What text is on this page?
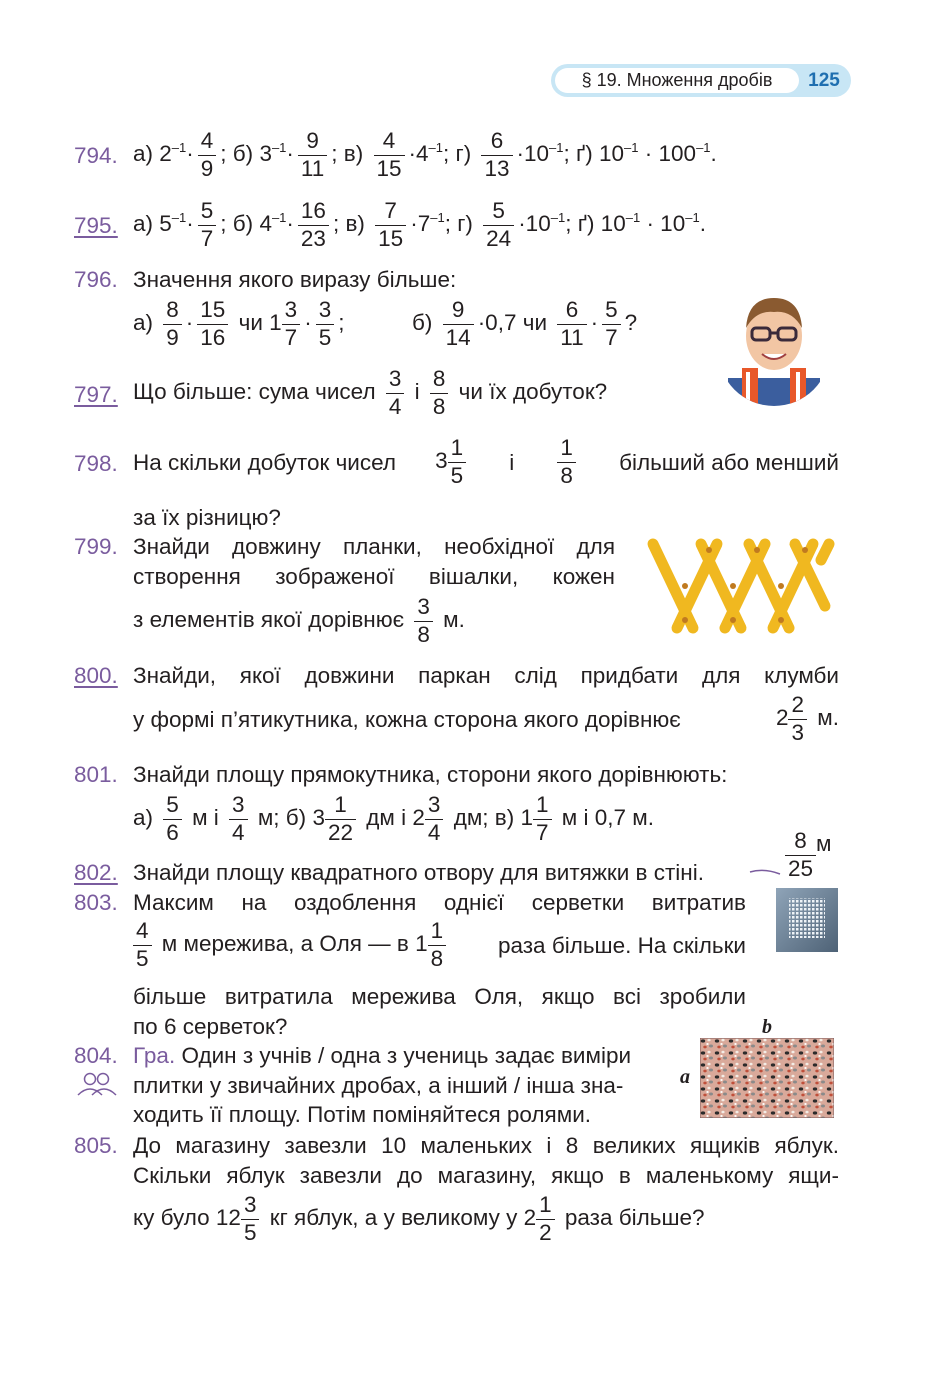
§ 19. Множення дробів	125
794. а) $2^{-1}\cdot \frac{4}{9}$ ; б) $3^{-1}\cdot \frac{9}{11}$ ; $в) \frac{4}{15} \cdot 4^{-1}$; $г) \frac{6}{13} \cdot 10^{-1}$; ґ) $10^{-1} \cdot 100^{-1}$.
795. а) $5^{-1}\cdot \frac{5}{7}$ ; б) $4^{-1}\cdot \frac{16}{23}$ ; $в) \frac{7}{15} \cdot 7^{-1}$; $г) \frac{5}{24} \cdot 10^{-1}$; ґ) $10^{-1} \cdot 10^{-1}$.
796. Значення якого виразу більше:
$а) \frac{8}{9} \cdot \frac{15}{16}$ чи $1 \frac{3}{7} \cdot \frac{3}{5}$ ;	$б) \frac{9}{14} \cdot 0,7$ чи $\frac{6}{11} \cdot \frac{5}{7}$ ?
797. Що більше: сума чисел $\frac{3}{4}$ і $\frac{8}{8}$ чи їх добуток?
798. На скільки добуток чисел $3 \frac{1}{5}$ і
1
8
більший або менший
за їх різницю?
799. Знайди довжину планки, необхідної для
створення зображеної вішалки, кожен
з елементів якої дорівнює $\frac{3}{8} м$.
800. Знайди, якої довжини паркан слід придбати для клумби
у формі п’ятикутника, кожна сторона якого дорівнює	$2 \frac{2}{3} м$.
801. Знайди площу прямокутника, сторони якого дорівнюють:
$а) \frac{5}{6}$ м і $\frac{3}{4} м$; б) $3 \frac{1}{22}$ дм і $2 \frac{3}{4}$ дм; в) $1 \frac{1}{7}$ м і 0,7 м.
802. Знайди площу квадратного отвору для витяжки в стіні.	$\frac{8}{25}$ м
803. Максим на оздоблення однієї серветки витратив
$\frac{4}{5}$ м мережива, а Оля — в $1 \frac{1}{8}$ раза більше. На скільки
більше витратила мережива Оля, якщо всі зробили
по 6 серветок?
804. Гра. Один з учнів / одна з учениць задає виміри
плитки у звичайних дробах, а інший / інша зна-
ходить її площу. Потім поміняйтеся ролями.
b
a
805. До магазину завезли 10 маленьких і 8 великих ящиків яблук.
Скільки яблук завезли до магазину, якщо в маленькому ящи-
ку було $12 \frac{3}{5}$ кг яблук, а у великому у $2 \frac{1}{2}$ раза більше?
